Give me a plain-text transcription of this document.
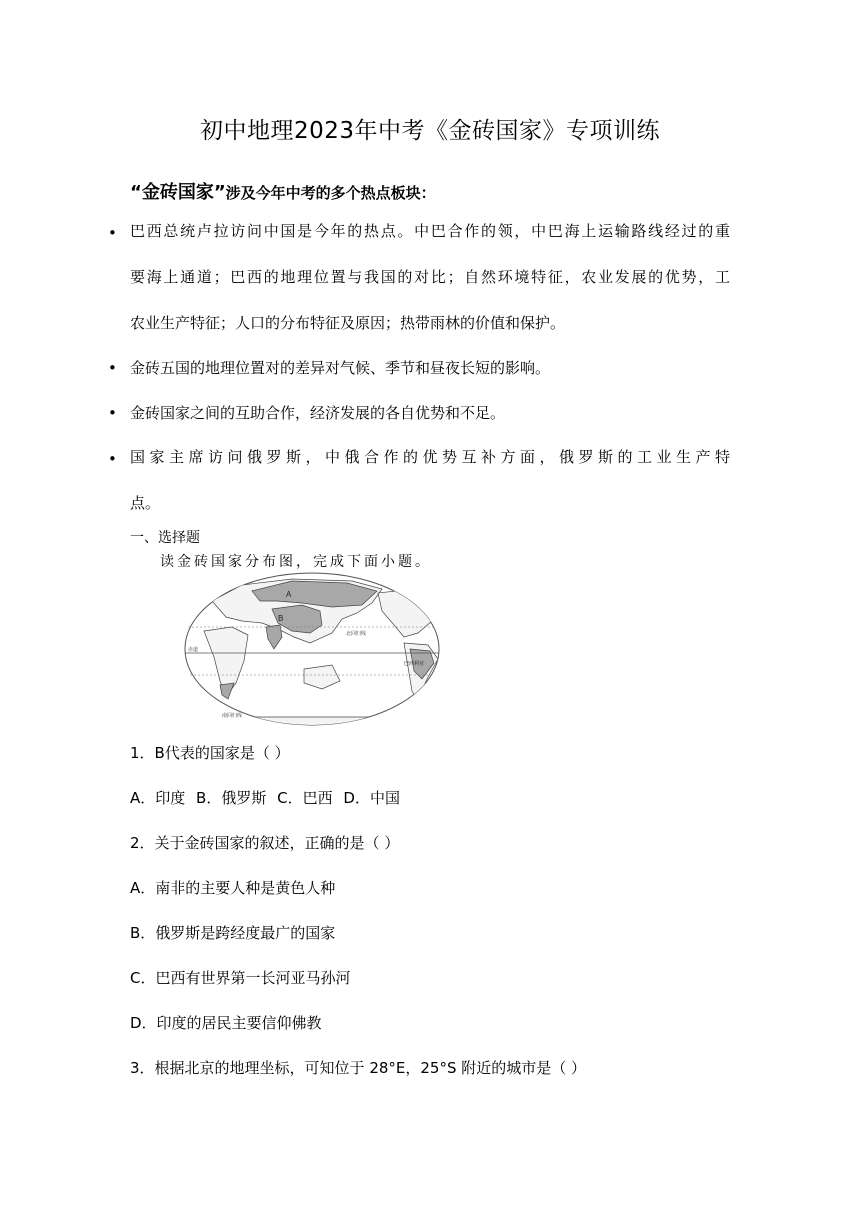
初中地理2023年中考《金砖国家》专项训练
“金砖国家”涉及今年中考的多个热点板块：
• 巴西总统卢拉访问中国是今年的热点。中巴合作的领，中巴海上运输路线经过的重
要海上通道；巴西的地理位置与我国的对比；自然环境特征，农业发展的优势，工
农业生产特征；人口的分布特征及原因；热带雨林的价值和保护。
• 金砖五国的地理位置对的差异对气候、季节和昼夜长短的影响。
• 金砖国家之间的互助合作，经济发展的各自优势和不足。
• 国家主席访问俄罗斯，中俄合作的优势互补方面，俄罗斯的工业生产特
点。
一、选择题
读金砖国家分布图，完成下面小题。
A
B
北回归线
赤道
巴西利亚
南回归线
1．B代表的国家是（ ）
A．印度 B．俄罗斯 C．巴西 D．中国
2．关于金砖国家的叙述，正确的是（ ）
A．南非的主要人种是黄色人种
B．俄罗斯是跨经度最广的国家
C．巴西有世界第一长河亚马孙河
D．印度的居民主要信仰佛教
3．根据北京的地理坐标，可知位于 28°E，25°S 附近的城市是（ ）
